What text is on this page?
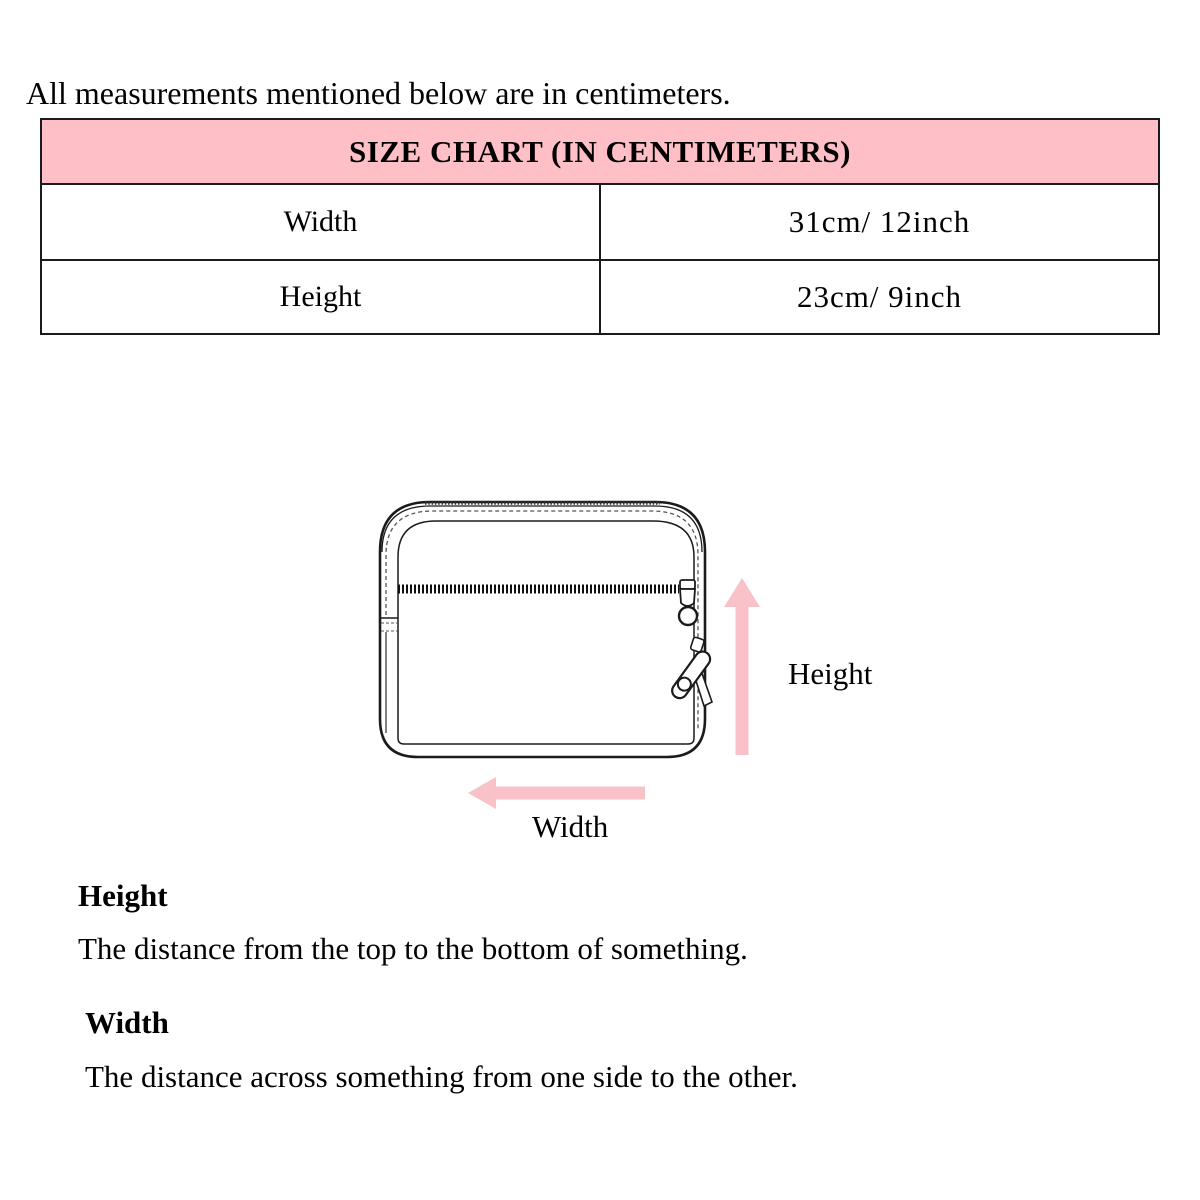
All measurements mentioned below are in centimeters.

SIZE CHART (IN CENTIMETERS)	
Width	31cm/ 12inch
Height	23cm/ 9inch
Height
Width
Height

The distance from the top to the bottom of something.

Width

The distance across something from one side to the other.
